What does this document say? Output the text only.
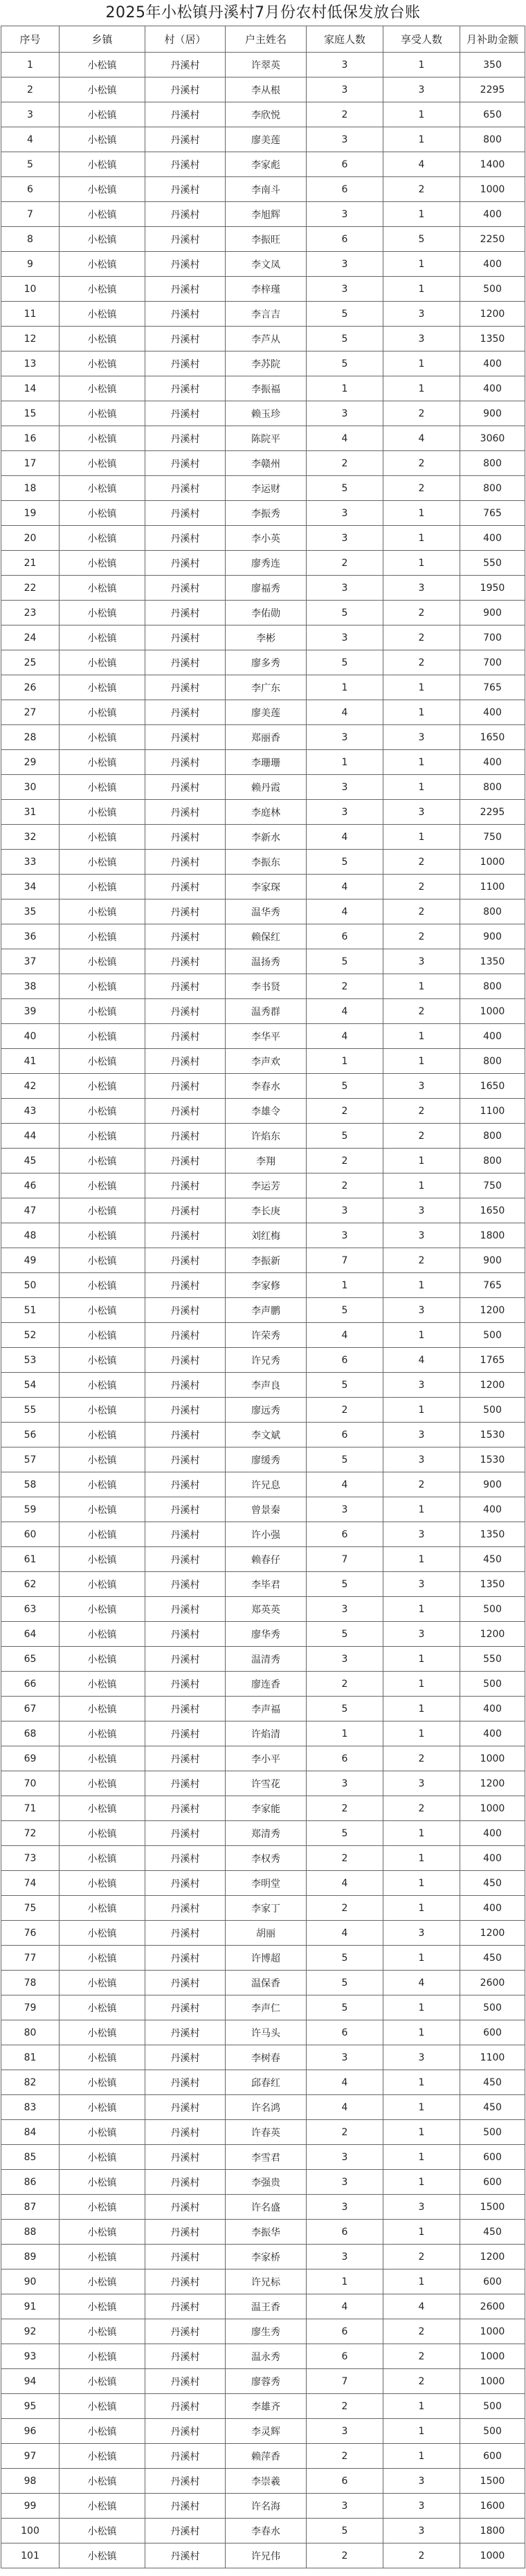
2025年小松镇丹溪村7月份农村低保发放台账
序号	乡镇	村（居）	户主姓名	家庭人数	享受人数	月补助金额
1	小松镇	丹溪村	许翠英	3	1	350
2	小松镇	丹溪村	李从根	3	3	2295
3	小松镇	丹溪村	李欣悦	2	1	650
4	小松镇	丹溪村	廖美莲	3	1	800
5	小松镇	丹溪村	李家彪	6	4	1400
6	小松镇	丹溪村	李南斗	6	2	1000
7	小松镇	丹溪村	李旭辉	3	1	400
8	小松镇	丹溪村	李振旺	6	5	2250
9	小松镇	丹溪村	李文凤	3	1	400
10	小松镇	丹溪村	李梓瑾	3	1	500
11	小松镇	丹溪村	李言吉	5	3	1200
12	小松镇	丹溪村	李芦从	5	3	1350
13	小松镇	丹溪村	李苏院	5	1	400
14	小松镇	丹溪村	李振福	1	1	400
15	小松镇	丹溪村	赖玉珍	3	2	900
16	小松镇	丹溪村	陈院平	4	4	3060
17	小松镇	丹溪村	李赣州	2	2	800
18	小松镇	丹溪村	李运财	5	2	800
19	小松镇	丹溪村	李振秀	3	1	765
20	小松镇	丹溪村	李小英	3	1	400
21	小松镇	丹溪村	廖秀连	2	1	550
22	小松镇	丹溪村	廖福秀	3	3	1950
23	小松镇	丹溪村	李佑勋	5	2	900
24	小松镇	丹溪村	李彬	3	2	700
25	小松镇	丹溪村	廖多秀	5	2	700
26	小松镇	丹溪村	李广东	1	1	765
27	小松镇	丹溪村	廖美莲	4	1	400
28	小松镇	丹溪村	郑丽香	3	3	1650
29	小松镇	丹溪村	李珊珊	1	1	400
30	小松镇	丹溪村	赖丹霞	3	1	800
31	小松镇	丹溪村	李庭林	3	3	2295
32	小松镇	丹溪村	李新水	4	1	750
33	小松镇	丹溪村	李振东	5	2	1000
34	小松镇	丹溪村	李家琛	4	2	1100
35	小松镇	丹溪村	温华秀	4	2	800
36	小松镇	丹溪村	赖保红	6	2	900
37	小松镇	丹溪村	温扬秀	5	3	1350
38	小松镇	丹溪村	李书贤	2	1	800
39	小松镇	丹溪村	温秀群	4	2	1000
40	小松镇	丹溪村	李华平	4	1	400
41	小松镇	丹溪村	李声欢	1	1	800
42	小松镇	丹溪村	李春水	5	3	1650
43	小松镇	丹溪村	李雄令	2	2	1100
44	小松镇	丹溪村	许焰东	5	2	800
45	小松镇	丹溪村	李翔	2	1	800
46	小松镇	丹溪村	李运芳	2	1	750
47	小松镇	丹溪村	李长庚	3	3	1650
48	小松镇	丹溪村	刘红梅	3	3	1800
49	小松镇	丹溪村	李振新	7	2	900
50	小松镇	丹溪村	李家修	1	1	765
51	小松镇	丹溪村	李声鹏	5	3	1200
52	小松镇	丹溪村	许荣秀	4	1	500
53	小松镇	丹溪村	许兄秀	6	4	1765
54	小松镇	丹溪村	李声良	5	3	1200
55	小松镇	丹溪村	廖远秀	2	1	500
56	小松镇	丹溪村	李文斌	6	3	1530
57	小松镇	丹溪村	廖缓秀	5	3	1530
58	小松镇	丹溪村	许兄息	4	2	900
59	小松镇	丹溪村	曾景秦	3	1	400
60	小松镇	丹溪村	许小强	6	3	1350
61	小松镇	丹溪村	赖春仔	7	1	450
62	小松镇	丹溪村	李毕君	5	3	1350
63	小松镇	丹溪村	郑英英	3	1	500
64	小松镇	丹溪村	廖华秀	5	3	1200
65	小松镇	丹溪村	温清秀	3	1	550
66	小松镇	丹溪村	廖连香	2	1	500
67	小松镇	丹溪村	李声福	5	1	400
68	小松镇	丹溪村	许焰清	1	1	400
69	小松镇	丹溪村	李小平	6	2	1000
70	小松镇	丹溪村	许雪花	3	3	1200
71	小松镇	丹溪村	李家能	2	2	1000
72	小松镇	丹溪村	郑清秀	5	1	400
73	小松镇	丹溪村	李权秀	2	1	400
74	小松镇	丹溪村	李明堂	4	1	450
75	小松镇	丹溪村	李家丁	2	1	400
76	小松镇	丹溪村	胡丽	4	3	1200
77	小松镇	丹溪村	许博超	5	1	450
78	小松镇	丹溪村	温保香	5	4	2600
79	小松镇	丹溪村	李声仁	5	1	500
80	小松镇	丹溪村	许马头	6	1	600
81	小松镇	丹溪村	李树春	3	3	1100
82	小松镇	丹溪村	邱春红	4	1	450
83	小松镇	丹溪村	许名鸿	4	1	450
84	小松镇	丹溪村	许春英	2	1	500
85	小松镇	丹溪村	李雪君	3	1	600
86	小松镇	丹溪村	李强贵	3	1	600
87	小松镇	丹溪村	许名盛	3	3	1500
88	小松镇	丹溪村	李振华	6	1	450
89	小松镇	丹溪村	李家桥	3	2	1200
90	小松镇	丹溪村	许兄标	1	1	600
91	小松镇	丹溪村	温王香	4	4	2600
92	小松镇	丹溪村	廖生秀	6	2	1000
93	小松镇	丹溪村	温永秀	6	2	1000
94	小松镇	丹溪村	廖蓉秀	7	2	1000
95	小松镇	丹溪村	李雄齐	2	1	500
96	小松镇	丹溪村	李灵辉	3	1	500
97	小松镇	丹溪村	赖萍香	2	1	600
98	小松镇	丹溪村	李崇羲	6	3	1500
99	小松镇	丹溪村	许名海	3	3	1600
100	小松镇	丹溪村	李春水	5	3	1800
101	小松镇	丹溪村	许兄伟	2	2	1000
